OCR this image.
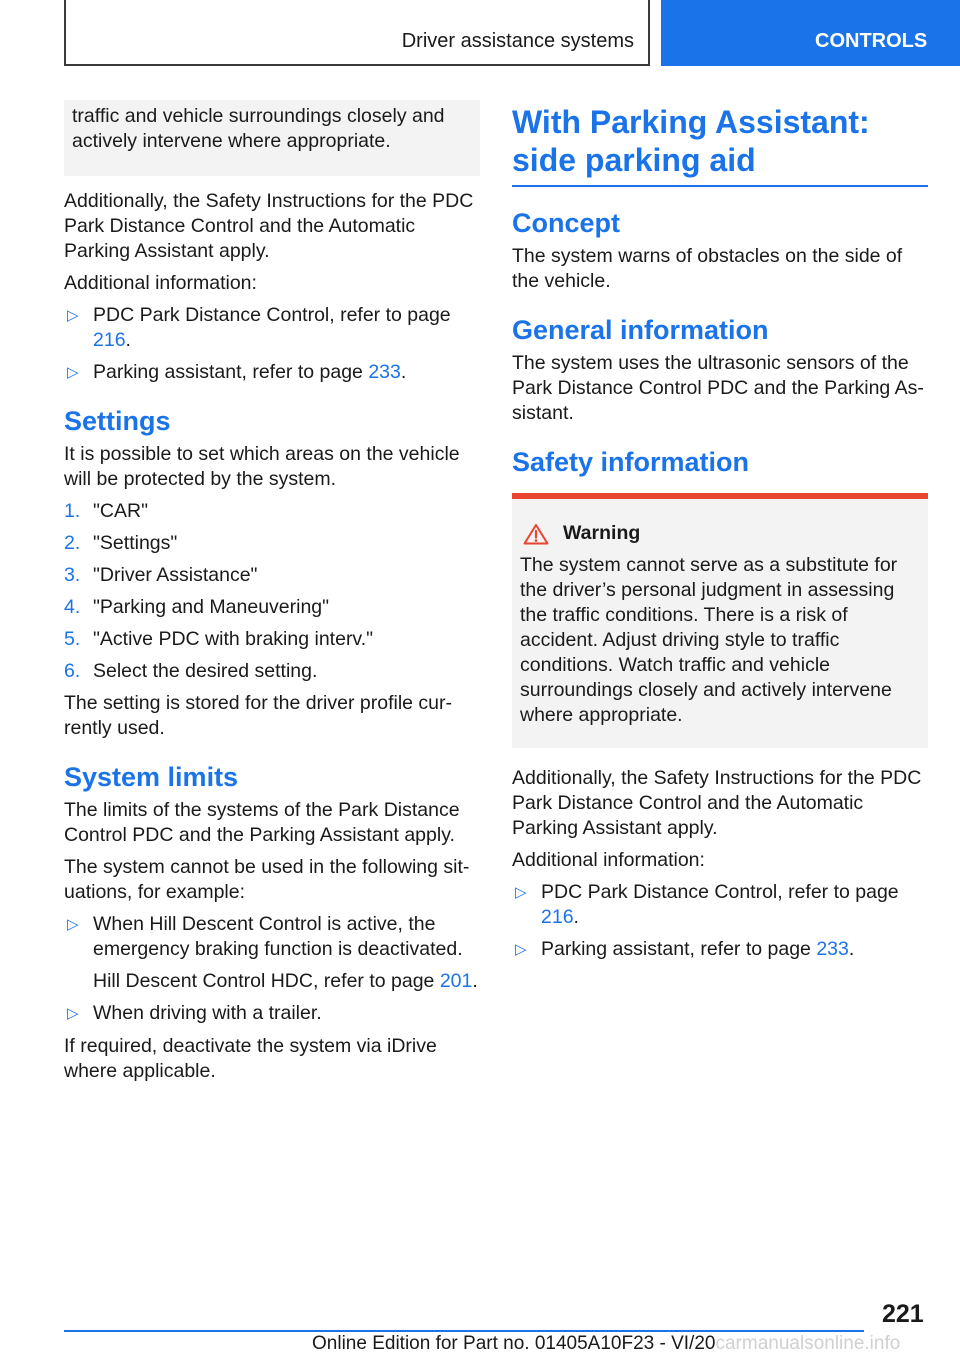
Driver assistance systems	CONTROLS
traffic and vehicle surroundings closely and actively intervene where appropriate.

Additionally, the Safety Instructions for the PDC Park Distance Control and the Automatic Parking Assistant apply.

Additional information:

▷ PDC Park Distance Control, refer to page 216.
▷ Parking assistant, refer to page 233.
Settings

It is possible to set which areas on the vehicle will be protected by the system.

1. "CAR"
2. "Settings"
3. "Driver Assistance"
4. "Parking and Maneuvering"
5. "Active PDC with braking interv."
6. Select the desired setting.

The setting is stored for the driver profile currently used.

System limits

The limits of the systems of the Park Distance Control PDC and the Parking Assistant apply.

The system cannot be used in the following situations, for example:

▷ When Hill Descent Control is active, the emergency braking function is deactivated.

Hill Descent Control HDC, refer to page 201.

▷ When driving with a trailer.

If required, deactivate the system via iDrive where applicable.

With Parking Assistant: side parking aid
Concept

The system warns of obstacles on the side of the vehicle.

General information

The system uses the ultrasonic sensors of the Park Distance Control PDC and the Parking Assistant.

Safety information
Warning

The system cannot serve as a substitute for the driver’s personal judgment in assessing the traffic conditions. There is a risk of accident. Adjust driving style to traffic conditions. Watch traffic and vehicle surroundings closely and actively intervene where appropriate.

Additionally, the Safety Instructions for the PDC Park Distance Control and the Automatic Parking Assistant apply.

Additional information:

▷ PDC Park Distance Control, refer to page 216.
▷ Parking assistant, refer to page 233.
221
Online Edition for Part no. 01405A10F23 - VI/20carmanualsonline.info
